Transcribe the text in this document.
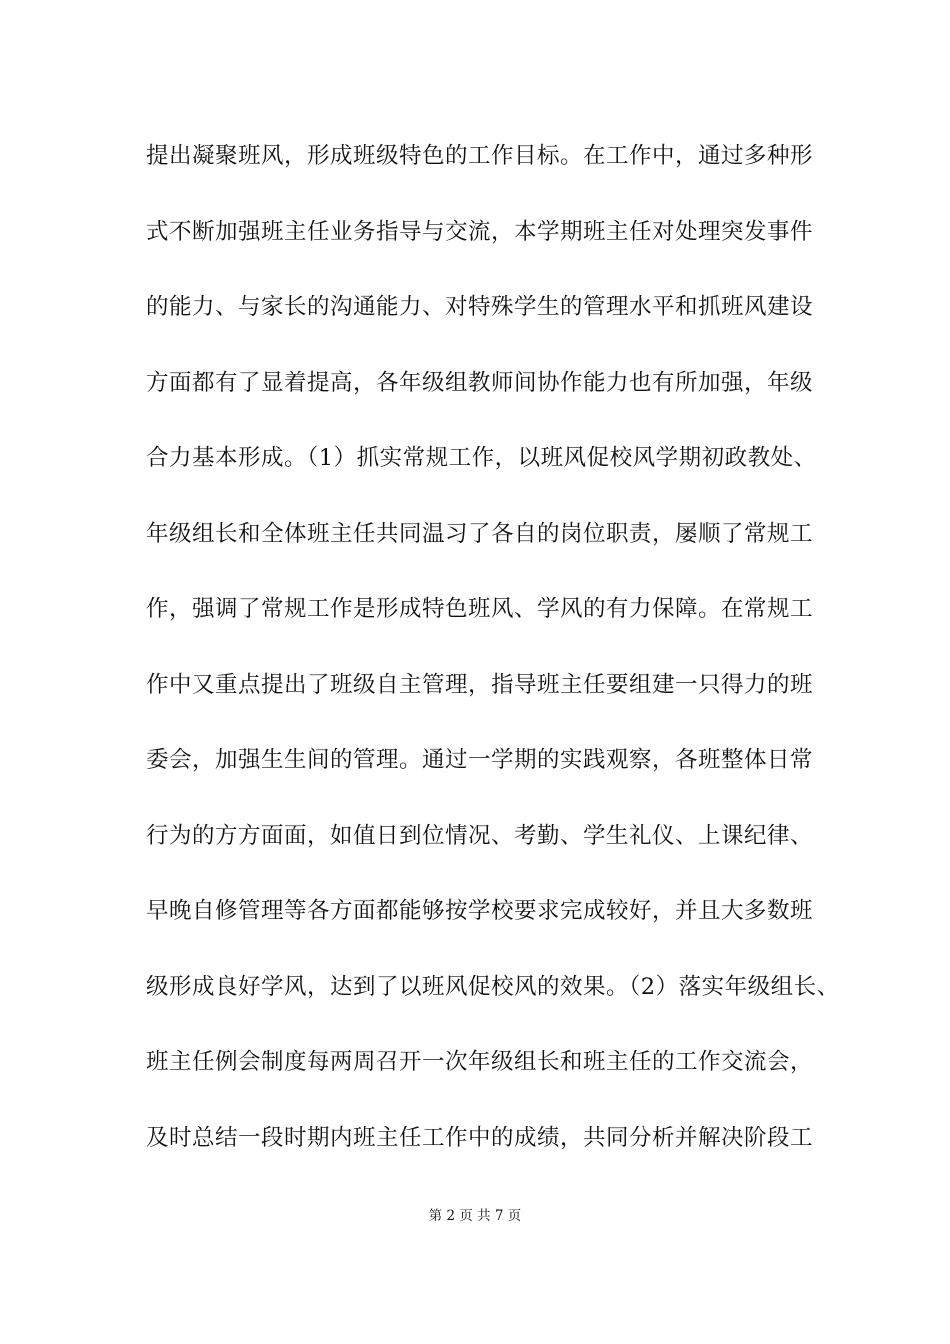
提出凝聚班风，形成班级特色的工作目标。在工作中，通过多种形
式不断加强班主任业务指导与交流，本学期班主任对处理突发事件
的能力、与家长的沟通能力、对特殊学生的管理水平和抓班风建设
方面都有了显着提高，各年级组教师间协作能力也有所加强，年级
合力基本形成。（1）抓实常规工作，以班风促校风学期初政教处、
年级组长和全体班主任共同温习了各自的岗位职责，屡顺了常规工
作，强调了常规工作是形成特色班风、学风的有力保障。在常规工
作中又重点提出了班级自主管理，指导班主任要组建一只得力的班
委会，加强生生间的管理。通过一学期的实践观察，各班整体日常
行为的方方面面，如值日到位情况、考勤、学生礼仪、上课纪律、
早晚自修管理等各方面都能够按学校要求完成较好，并且大多数班
级形成良好学风，达到了以班风促校风的效果。（2）落实年级组长、
班主任例会制度每两周召开一次年级组长和班主任的工作交流会，
及时总结一段时期内班主任工作中的成绩，共同分析并解决阶段工
第 2 页 共 7 页
